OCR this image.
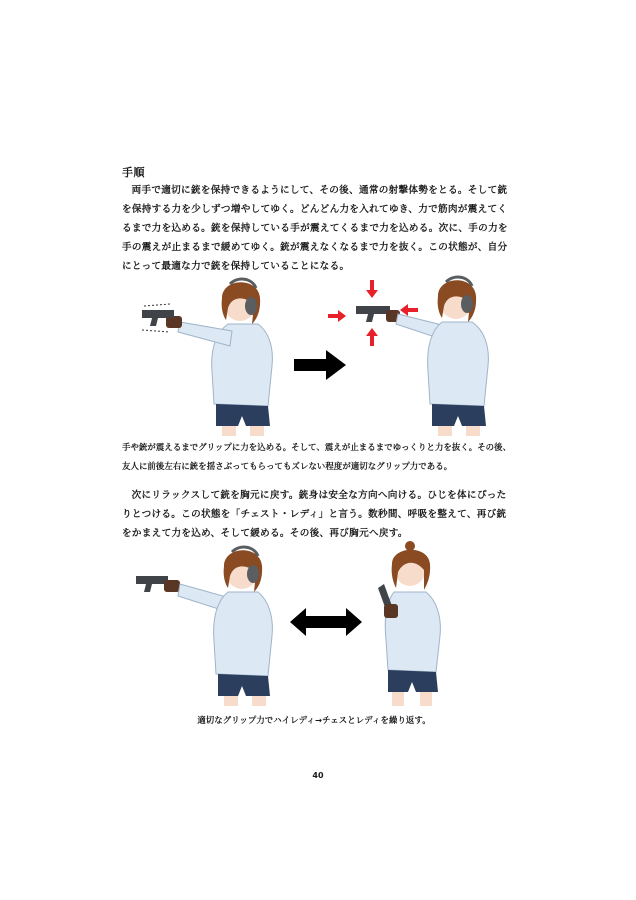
手順

両手で適切に銃を保持できるようにして、その後、通常の射撃体勢をとる。そして銃を保持する力を少しずつ増やしてゆく。どんどん力を入れてゆき、力で筋肉が震えてくるまで力を込める。銃を保持している手が震えてくるまで力を込める。次に、手の力を手の震えが止まるまで緩めてゆく。銃が震えなくなるまで力を抜く。この状態が、自分にとって最適な力で銃を保持していることになる。

手や銃が震えるまでグリップに力を込める。そして、震えが止まるまでゆっくりと力を抜く。その後、友人に前後左右に銃を揺さぶってもらってもズレない程度が適切なグリップ力である。

次にリラックスして銃を胸元に戻す。銃身は安全な方向へ向ける。ひじを体にぴったりとつける。この状態を「チェスト・レディ」と言う。数秒間、呼吸を整えて、再び銃をかまえて力を込め、そして緩める。その後、再び胸元へ戻す。

適切なグリップ力でハイレディ→チェスとレディを繰り返す。

40
